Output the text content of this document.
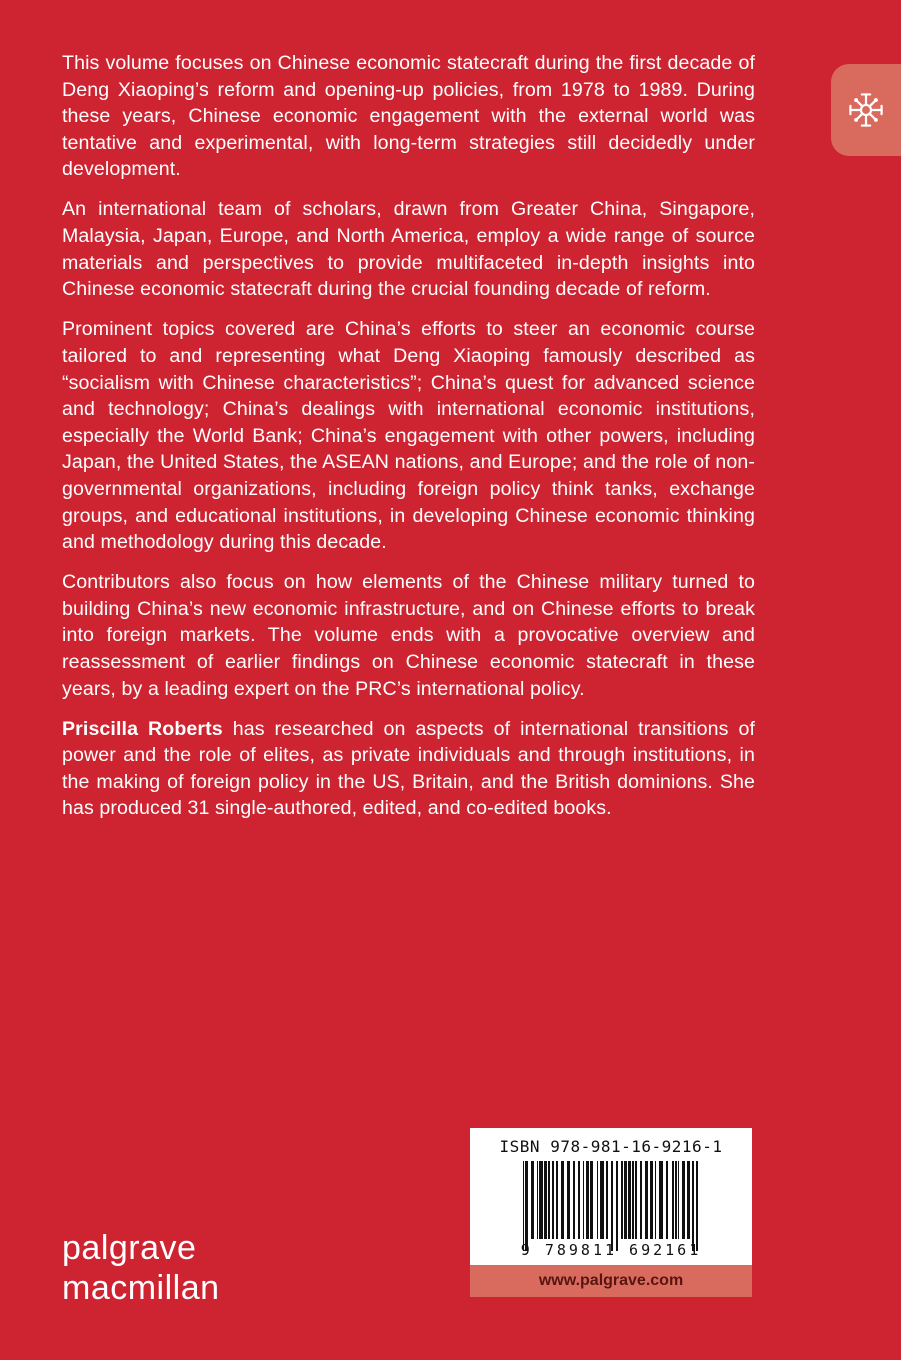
This volume focuses on Chinese economic statecraft during the first decade of Deng Xiaoping’s reform and opening-up policies, from 1978 to 1989. During these years, Chinese economic engagement with the external world was tentative and experimental, with long-term strategies still decidedly under development.

An international team of scholars, drawn from Greater China, Singapore, Malaysia, Japan, Europe, and North America, employ a wide range of source materials and perspectives to provide multifaceted in-depth insights into Chinese economic statecraft during the crucial founding decade of reform.

Prominent topics covered are China’s efforts to steer an economic course tailored to and representing what Deng Xiaoping famously described as “socialism with Chinese characteristics”; China’s quest for advanced science and technology; China’s dealings with international economic institutions, especially the World Bank; China’s engagement with other powers, including Japan, the United States, the ASEAN nations, and Europe; and the role of non-governmental organizations, including foreign policy think tanks, exchange groups, and educational institutions, in developing Chinese economic thinking and methodology during this decade.

Contributors also focus on how elements of the Chinese military turned to building China’s new economic infrastructure, and on Chinese efforts to break into foreign markets. The volume ends with a provocative overview and reassessment of earlier findings on Chinese economic statecraft in these years, by a leading expert on the PRC’s international policy.

Priscilla Roberts has researched on aspects of international transitions of power and the role of elites, as private individuals and through institutions, in the making of foreign policy in the US, Britain, and the British dominions. She has produced 31 single-authored, edited, and co-edited books.

palgrave
macmillan
ISBN 978-981-16-9216-1
9 789811 692161
www.palgrave.com
